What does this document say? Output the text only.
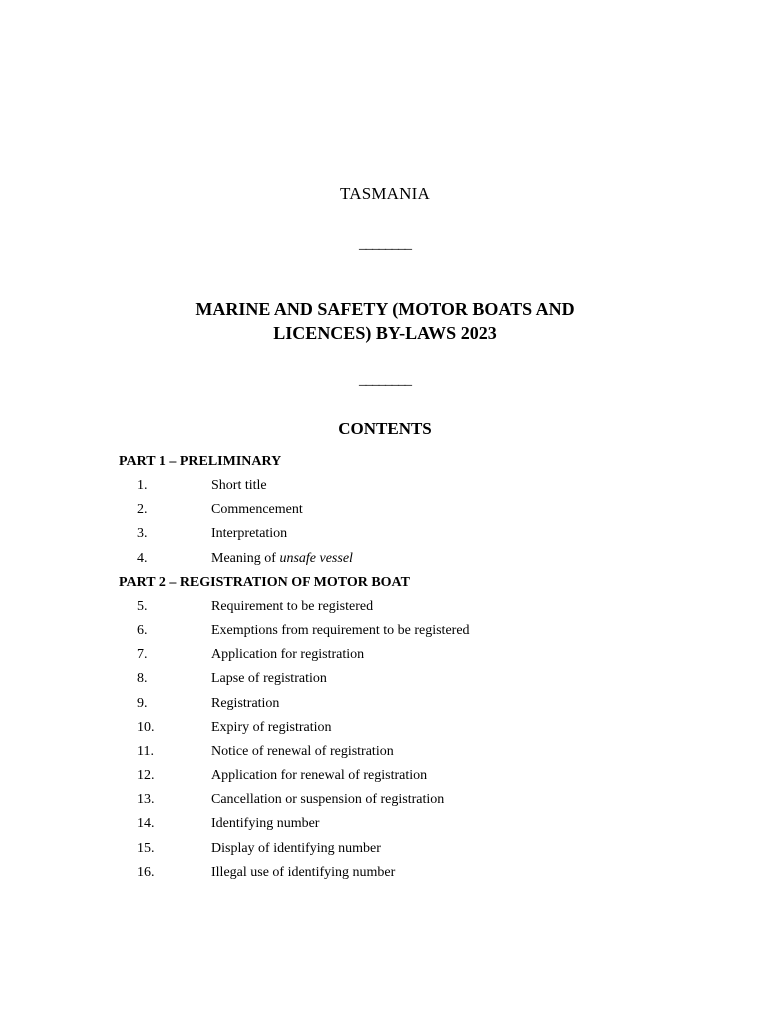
TASMANIA
________
MARINE AND SAFETY (MOTOR BOATS AND
LICENCES) BY-LAWS 2023
________
CONTENTS
PART 1 – PRELIMINARY
1.	Short title
2.	Commencement
3.	Interpretation
4.	Meaning of unsafe vessel
PART 2 – REGISTRATION OF MOTOR BOAT
5.	Requirement to be registered
6.	Exemptions from requirement to be registered
7.	Application for registration
8.	Lapse of registration
9.	Registration
10.	Expiry of registration
11.	Notice of renewal of registration
12.	Application for renewal of registration
13.	Cancellation or suspension of registration
14.	Identifying number
15.	Display of identifying number
16.	Illegal use of identifying number
